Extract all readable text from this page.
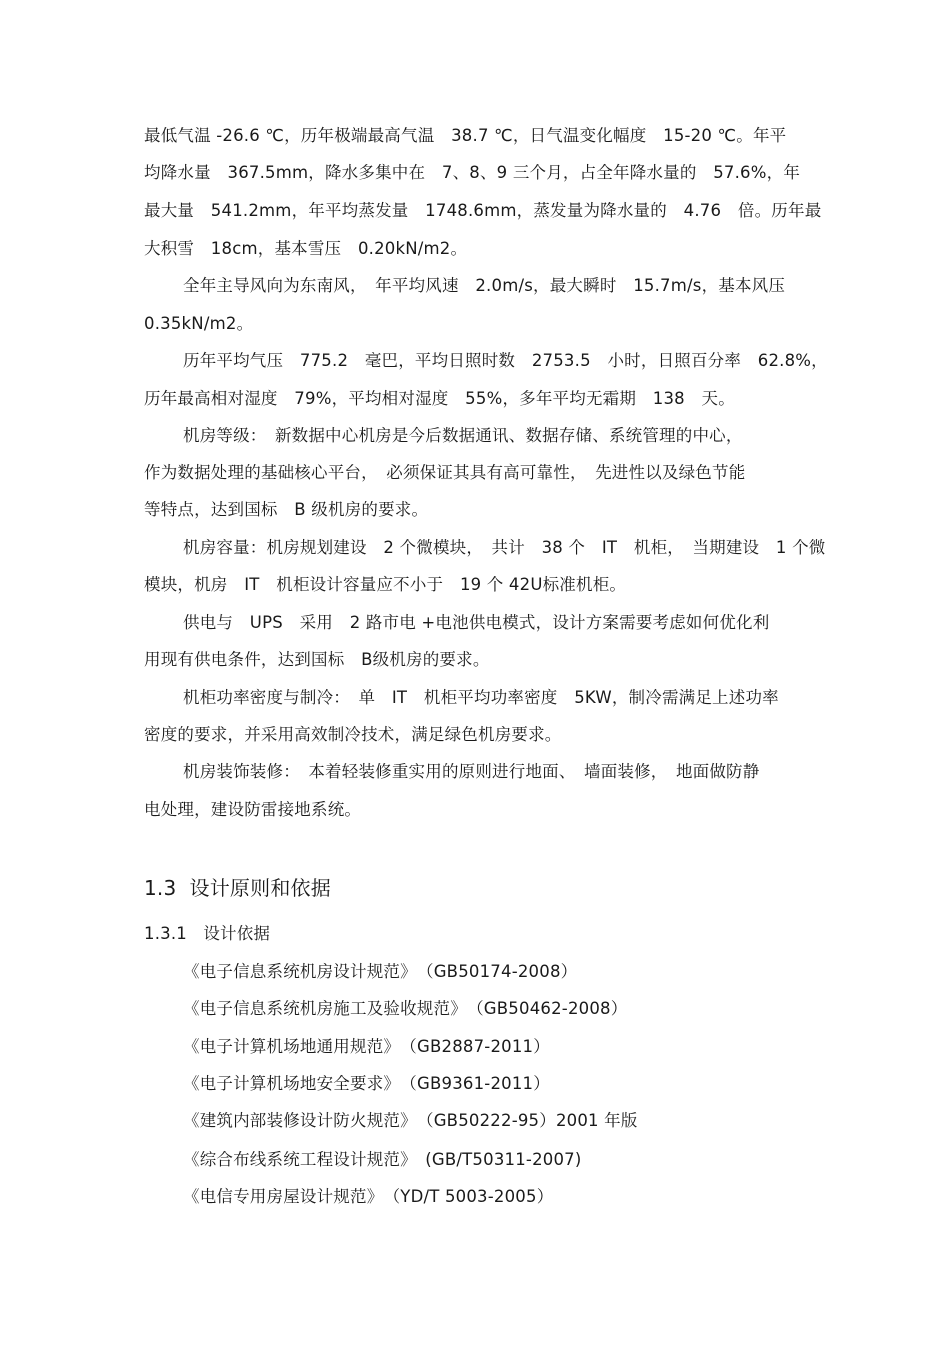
最低气温 -26.6 ℃，历年极端最高气温　38.7 ℃，日气温变化幅度　15-20 ℃。年平
均降水量　367.5mm，降水多集中在　7、8、9 三个月，占全年降水量的　57.6%，年
最大量　541.2mm，年平均蒸发量　1748.6mm，蒸发量为降水量的　4.76　倍。历年最
大积雪　18cm，基本雪压　0.20kN/m2。
全年主导风向为东南风，　年平均风速　2.0m/s，最大瞬时　15.7m/s，基本风压
0.35kN/m2。
历年平均气压　775.2　毫巴，平均日照时数　2753.5　小时，日照百分率　62.8%，
历年最高相对湿度　79%，平均相对湿度　55%，多年平均无霜期　138　天。
机房等级：　新数据中心机房是今后数据通讯、数据存储、系统管理的中心，
作为数据处理的基础核心平台，　必须保证其具有高可靠性，　先进性以及绿色节能
等特点，达到国标　B 级机房的要求。
机房容量：机房规划建设　2 个微模块，　共计　38 个　IT　机柜，　当期建设　1 个微
模块，机房　IT　机柜设计容量应不小于　19 个 42U标准机柜。
供电与　UPS　采用　2 路市电 +电池供电模式，设计方案需要考虑如何优化利
用现有供电条件，达到国标　B级机房的要求。
机柜功率密度与制冷：　单　IT　机柜平均功率密度　5KW，制冷需满足上述功率
密度的要求，并采用高效制冷技术，满足绿色机房要求。
机房装饰装修：　本着轻装修重实用的原则进行地面、　墙面装修，　地面做防静
电处理，建设防雷接地系统。
1.3  设计原则和依据
1.3.1   设计依据
《电子信息系统机房设计规范》　（GB50174-2008）
《电子信息系统机房施工及验收规范》　（GB50462-2008）
《电子计算机场地通用规范》　（GB2887-2011）
《电子计算机场地安全要求》　（GB9361-2011）
《建筑内部装修设计防火规范》　（GB50222-95）2001 年版
《综合布线系统工程设计规范》　(GB/T50311-2007)
《电信专用房屋设计规范》　（YD/T 5003-2005）
